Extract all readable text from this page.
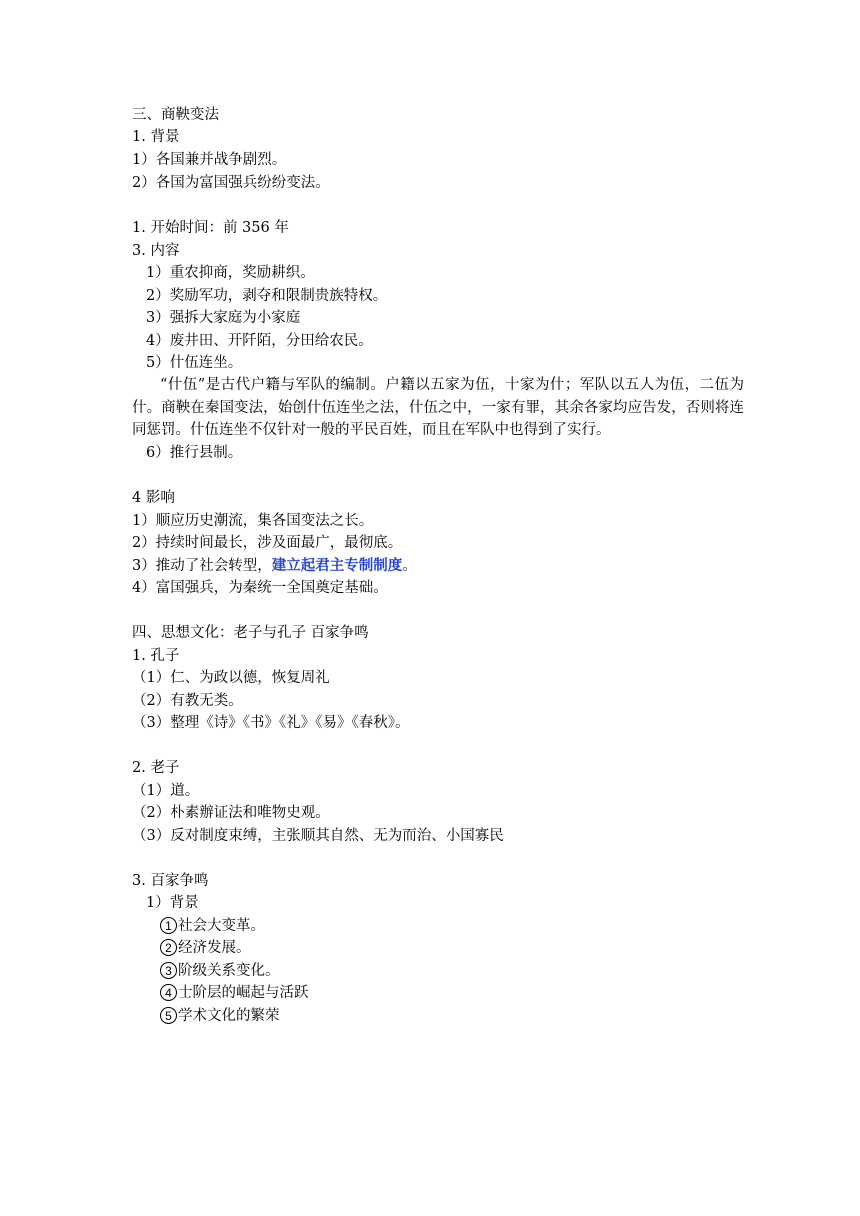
三、商鞅变法
1. 背景
1）各国兼并战争剧烈。
2）各国为富国强兵纷纷变法。
1. 开始时间：前 356 年
3. 内容
1）重农抑商，奖励耕织。
2）奖励军功，剥夺和限制贵族特权。
3）强拆大家庭为小家庭
4）废井田、开阡陌，分田给农民。
5）什伍连坐。
“什伍”是古代户籍与军队的编制。户籍以五家为伍，十家为什；军队以五人为伍，二伍为什。商鞅在秦国变法，始创什伍连坐之法，什伍之中，一家有罪，其余各家均应告发，否则将连同惩罚。什伍连坐不仅针对一般的平民百姓，而且在军队中也得到了实行。
6）推行县制。
4 影响
1）顺应历史潮流，集各国变法之长。
2）持续时间最长，涉及面最广，最彻底。
3）推动了社会转型，建立起君主专制制度。
4）富国强兵，为秦统一全国奠定基础。
四、思想文化：老子与孔子 百家争鸣
1. 孔子
（1）仁、为政以德，恢复周礼
（2）有教无类。
（3）整理《诗》《书》《礼》《易》《春秋》。
2. 老子
（1）道。
（2）朴素辦证法和唯物史观。
（3）反对制度束缚，主张顺其自然、无为而治、小国寡民
3. 百家争鸣
1）背景
1 社会大变革。
2 经济发展。
3 阶级关系变化。
4 士阶层的崛起与活跃
5 学术文化的繁荣
